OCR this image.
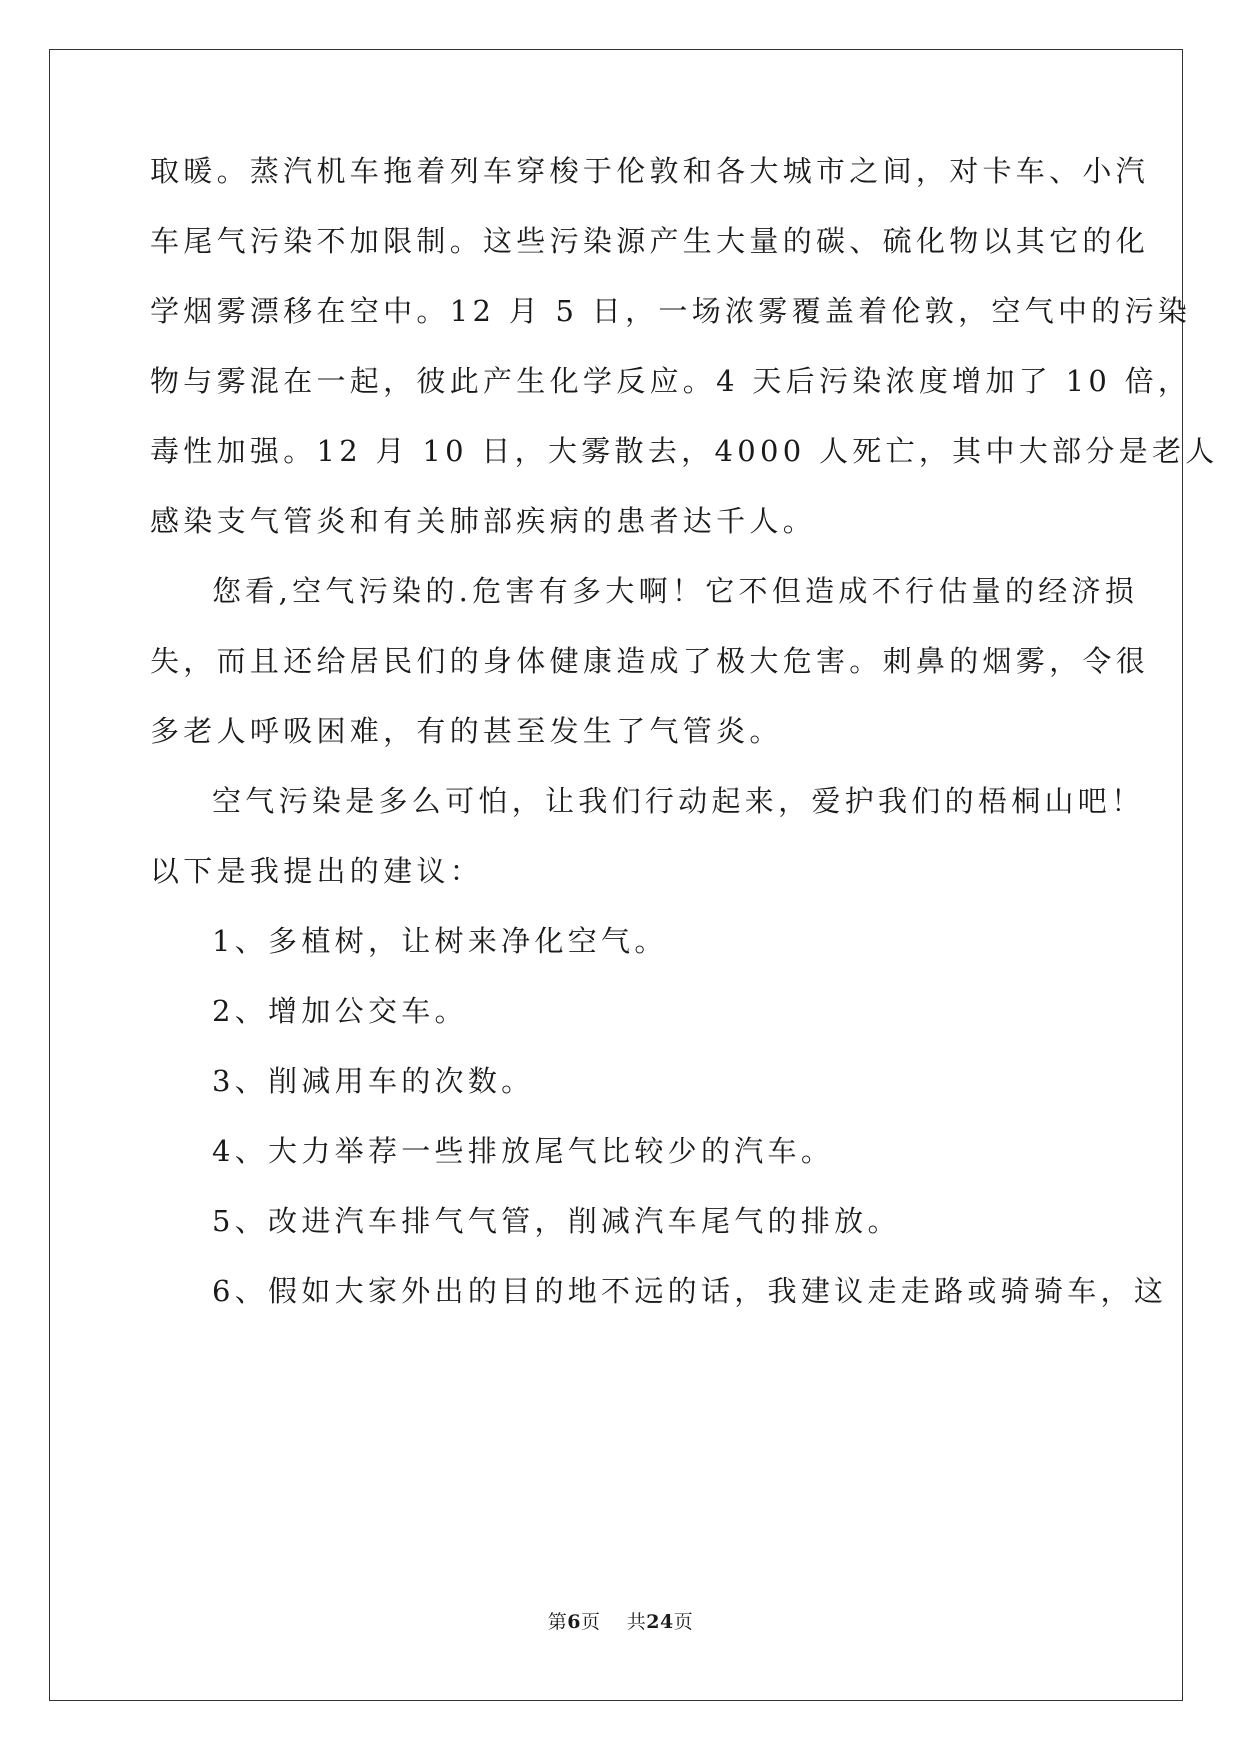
取暖。蒸汽机车拖着列车穿梭于伦敦和各大城市之间，对卡车、小汽
车尾气污染不加限制。这些污染源产生大量的碳、硫化物以其它的化
学烟雾漂移在空中。12 月 5 日，一场浓雾覆盖着伦敦，空气中的污染
物与雾混在一起，彼此产生化学反应。4 天后污染浓度增加了 10 倍，
毒性加强。12 月 10 日，大雾散去，4000 人死亡，其中大部分是老人
感染支气管炎和有关肺部疾病的患者达千人。
您看,空气污染的.危害有多大啊！它不但造成不行估量的经济损
失，而且还给居民们的身体健康造成了极大危害。刺鼻的烟雾，令很
多老人呼吸困难，有的甚至发生了气管炎。
空气污染是多么可怕，让我们行动起来，爱护我们的梧桐山吧！
以下是我提出的建议：
1、多植树，让树来净化空气。
2、增加公交车。
3、削减用车的次数。
4、大力举荐一些排放尾气比较少的汽车。
5、改进汽车排气气管，削减汽车尾气的排放。
6、假如大家外出的目的地不远的话，我建议走走路或骑骑车，这
第6页 共24页
